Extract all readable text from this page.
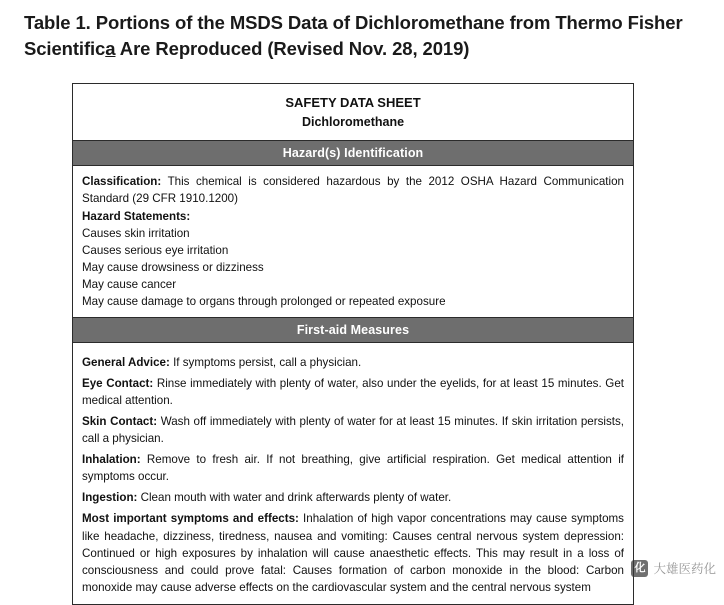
Table 1. Portions of the MSDS Data of Dichloromethane from Thermo Fisher Scientifica Are Reproduced (Revised Nov. 28, 2019)
SAFETY DATA SHEET
Dichloromethane
Hazard(s) Identification

Classification: This chemical is considered hazardous by the 2012 OSHA Hazard Communication Standard (29 CFR 1910.1200)

Hazard Statements:

Causes skin irritation

Causes serious eye irritation

May cause drowsiness or dizziness

May cause cancer

May cause damage to organs through prolonged or repeated exposure

First-aid Measures

General Advice: If symptoms persist, call a physician.

Eye Contact: Rinse immediately with plenty of water, also under the eyelids, for at least 15 minutes. Get medical attention.

Skin Contact: Wash off immediately with plenty of water for at least 15 minutes. If skin irritation persists, call a physician.

Inhalation: Remove to fresh air. If not breathing, give artificial respiration. Get medical attention if symptoms occur.

Ingestion: Clean mouth with water and drink afterwards plenty of water.

Most important symptoms and effects: Inhalation of high vapor concentrations may cause symptoms like headache, dizziness, tiredness, nausea and vomiting: Causes central nervous system depression: Continued or high exposures by inhalation will cause anaesthetic effects. This may result in a loss of consciousness and could prove fatal: Causes formation of carbon monoxide in the blood: Carbon monoxide may cause adverse effects on the cardiovascular system and the central nervous system

化 大雄医药化
